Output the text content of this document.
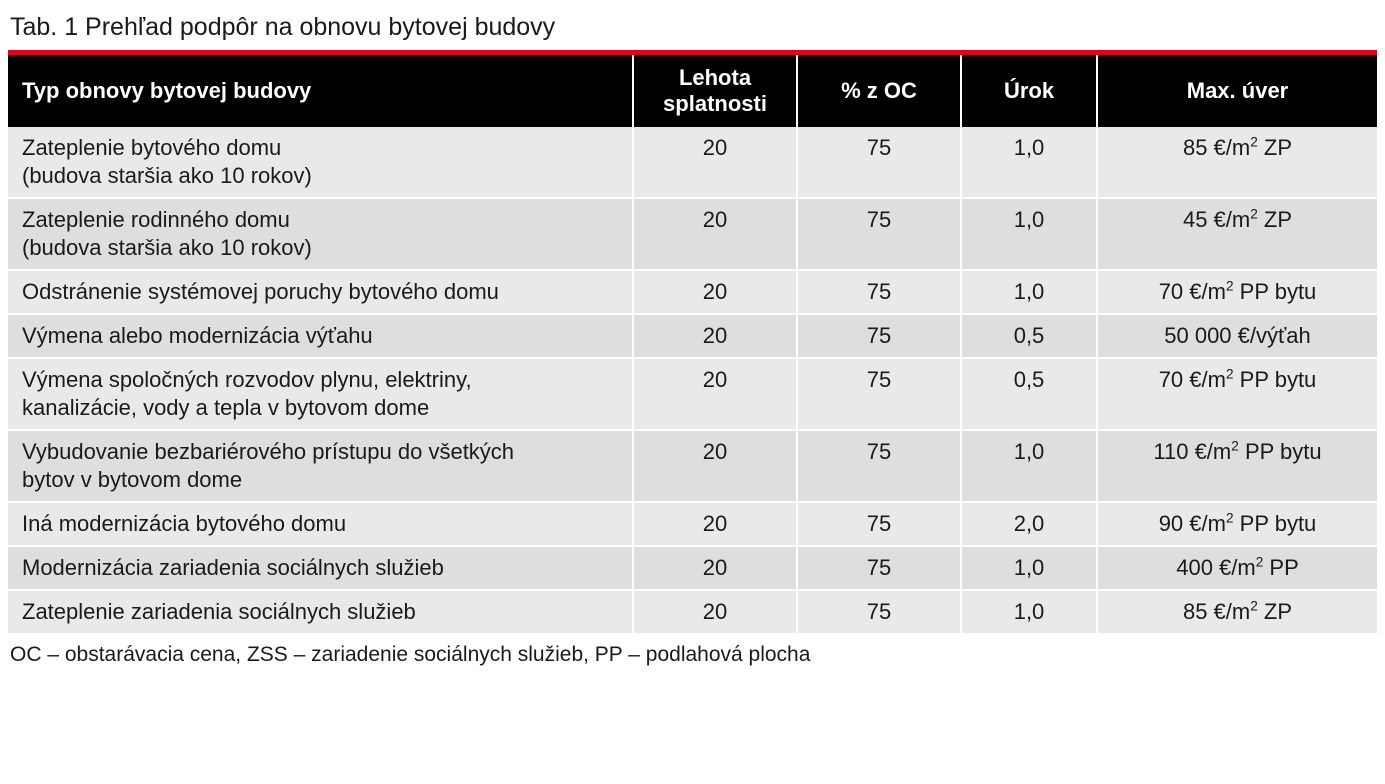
Tab. 1 Prehľad podpôr na obnovu bytovej budovy
Typ obnovy bytovej budovy	Lehota splatnosti	% z OC	Úrok	Max. úver

Zateplenie bytového domu
(budova staršia ako 10 rokov)	20	75	1,0	85 $€/m^2$ ZP

Zateplenie rodinného domu
(budova staršia ako 10 rokov)	20	75	1,0	45 $€/m^2$ ZP

Odstránenie systémovej poruchy bytového domu	20	75	1,0	70 $€/m^2$ PP bytu

Výmena alebo modernizácia výťahu	20	75	0,5	50 000 €/výťah

Výmena spoločných rozvodov plynu, elektriny,
kanalizácie, vody a tepla v bytovom dome	20	75	0,5	70 $€/m^2$ PP bytu

Vybudovanie bezbariérového prístupu do všetkých
bytov v bytovom dome	20	75	1,0	110 $€/m^2$ PP bytu

Iná modernizácia bytového domu	20	75	2,0	90 $€/m^2$ PP bytu

Modernizácia zariadenia sociálnych služieb	20	75	1,0	400 $€/m^2$ PP

Zateplenie zariadenia sociálnych služieb	20	75	1,0	85 $€/m^2$ ZP
OC – obstarávacia cena, ZSS – zariadenie sociálnych služieb, PP – podlahová plocha
